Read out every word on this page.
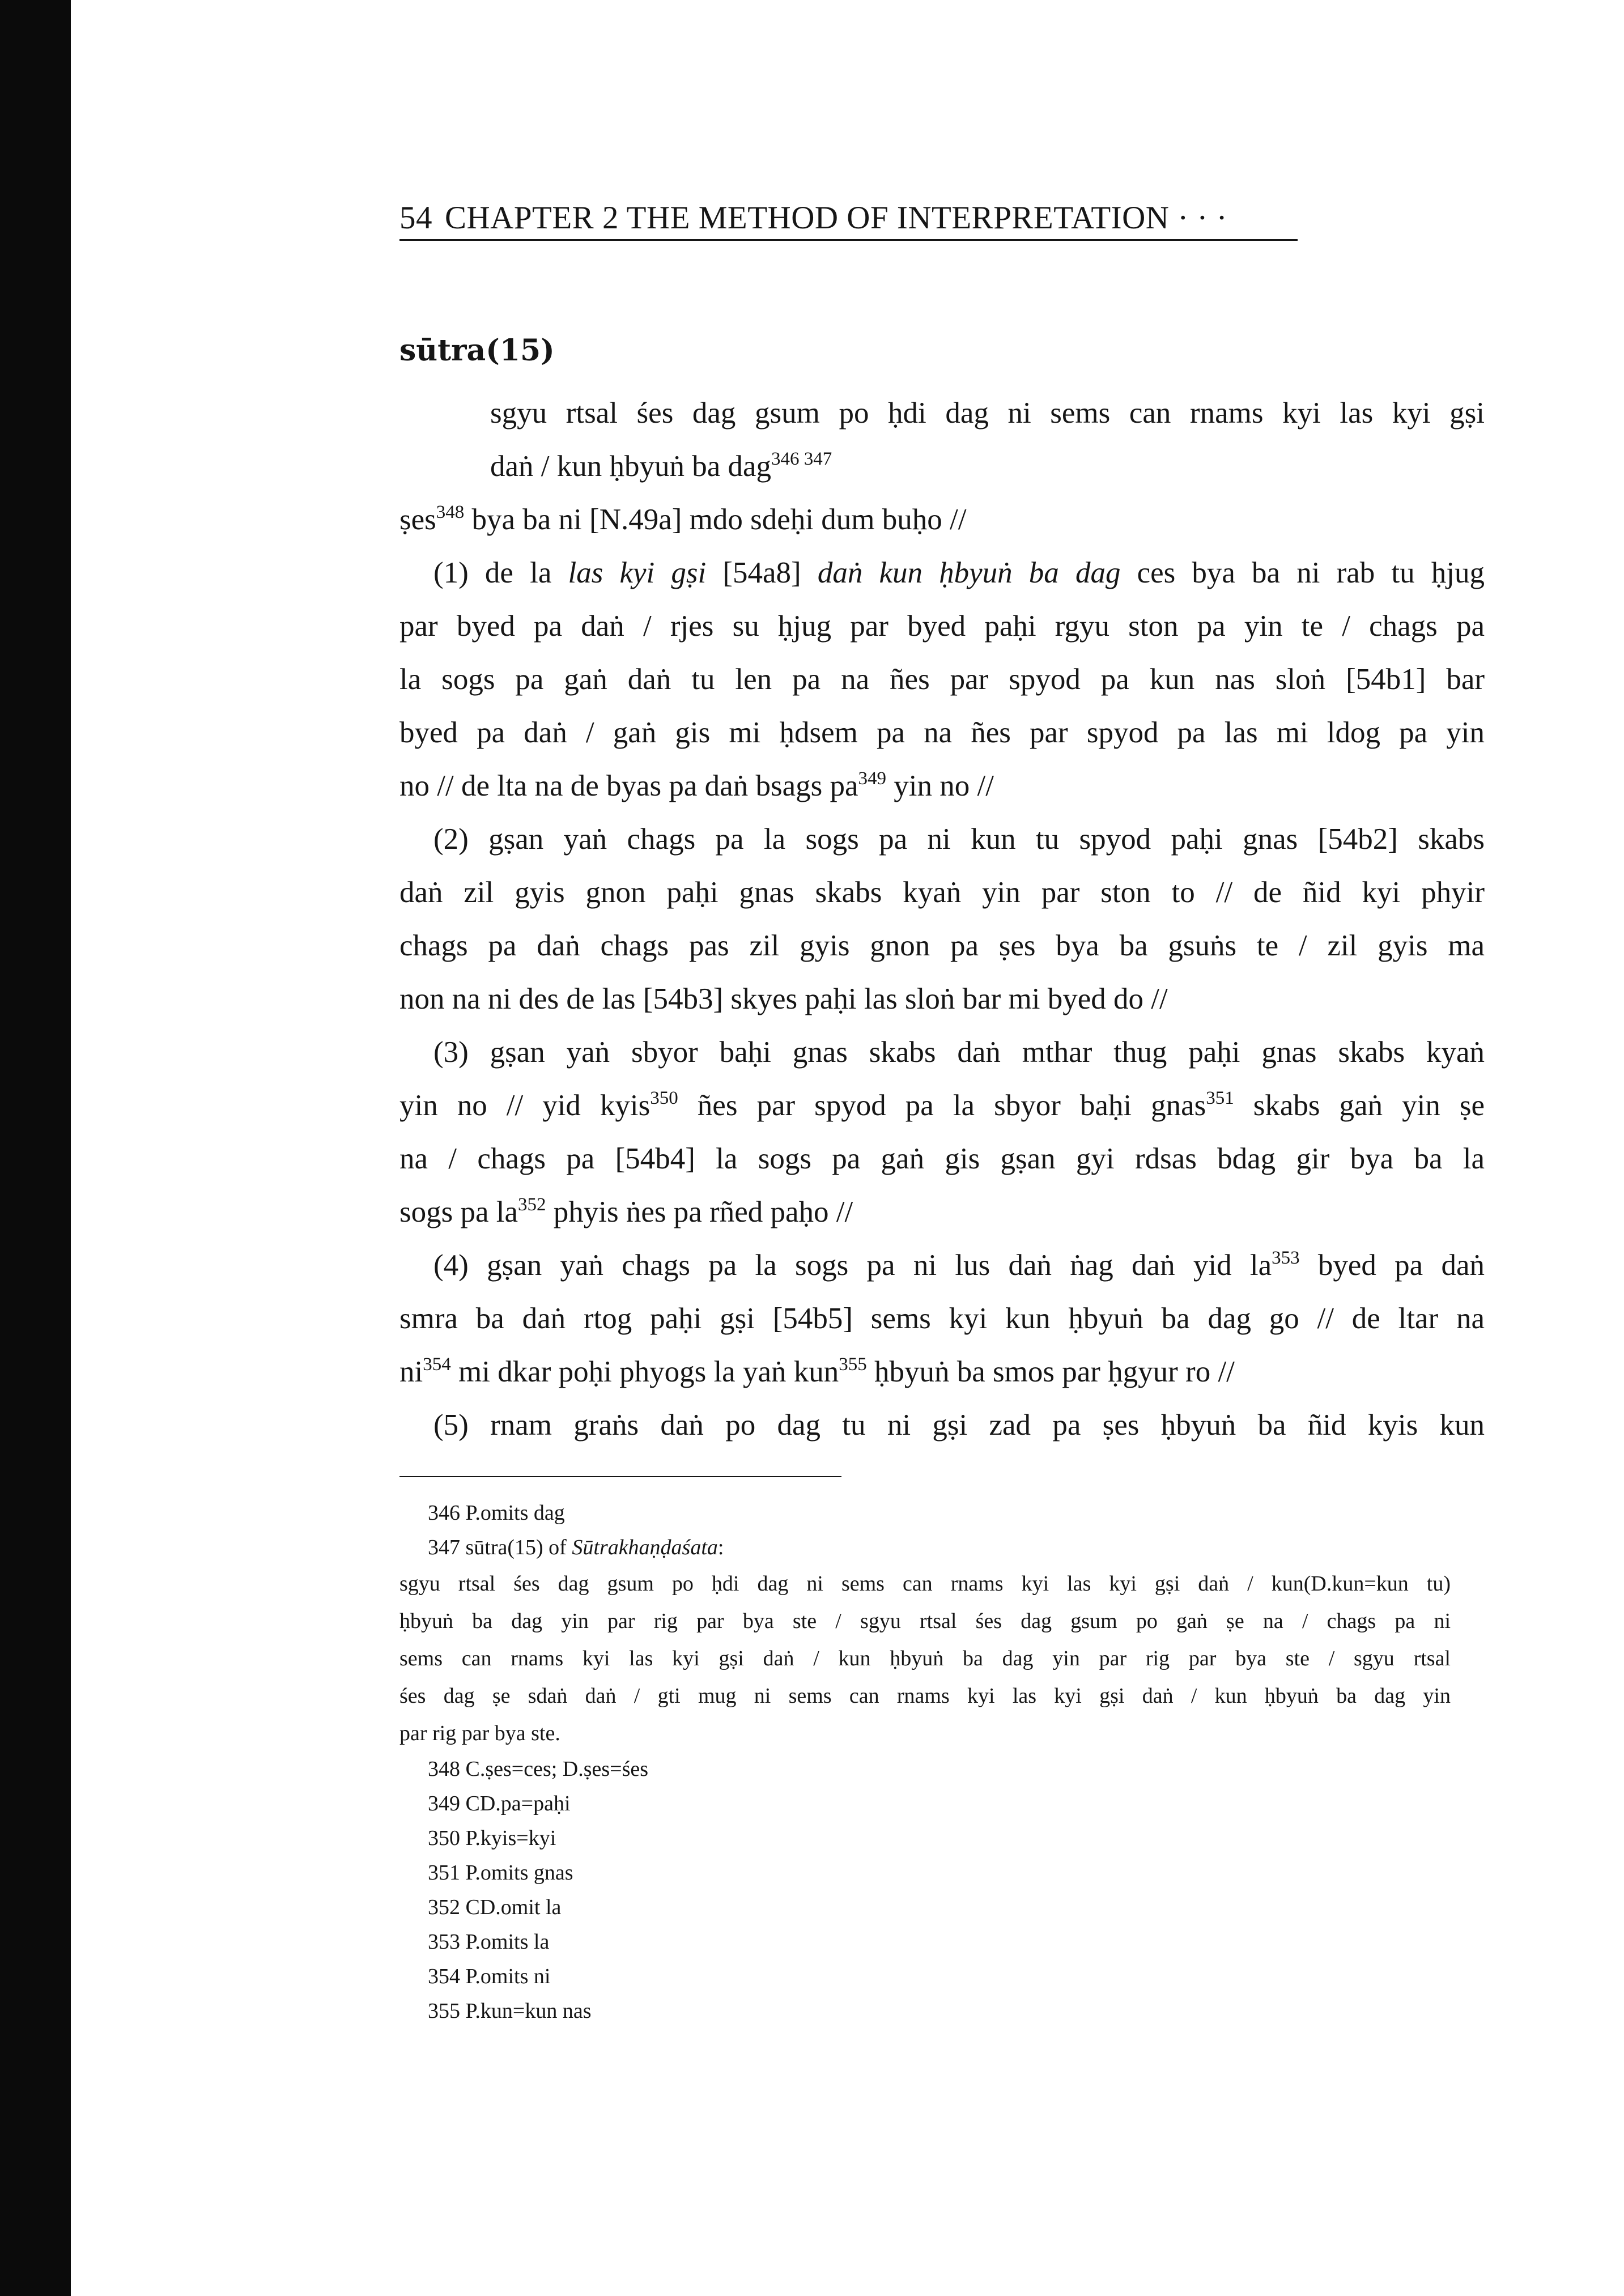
54 CHAPTER 2 THE METHOD OF INTERPRETATION · · ·
sūtra(15)

sgyu rtsal śes dag gsum po ḥdi dag ni sems can rnams kyi las kyi gṣi

daṅ / kun ḥbyuṅ ba dag$^{346}$ $^{347}$

ṣes$^{348}$ bya ba ni [N.49a] mdo sdeḥi dum buḥo //

(1) de la las kyi gṣi [54a8] daṅ kun ḥbyuṅ ba dag ces bya ba ni rab tu ḥjug

par byed pa daṅ / rjes su ḥjug par byed paḥi rgyu ston pa yin te / chags pa

la sogs pa gaṅ daṅ tu len pa na ñes par spyod pa kun nas sloṅ [54b1] bar

byed pa daṅ / gaṅ gis mi ḥdsem pa na ñes par spyod pa las mi ldog pa yin

no // de lta na de byas pa daṅ bsags $pa^{349}$ yin no //

(2) gṣan yaṅ chags pa la sogs pa ni kun tu spyod paḥi gnas [54b2] skabs

daṅ zil gyis gnon paḥi gnas skabs kyaṅ yin par ston to // de ñid kyi phyir

chags pa daṅ chags pas zil gyis gnon pa ṣes bya ba gsuṅs te / zil gyis ma

non na ni des de las [54b3] skyes paḥi las sloṅ bar mi byed do //

(3) gṣan yaṅ sbyor baḥi gnas skabs daṅ mthar thug paḥi gnas skabs kyaṅ

yin no // yid kyis$^{350}$ ñes par spyod pa la sbyor baḥi gnas$^{351}$ skabs gaṅ yin ṣe

na / chags pa [54b4] la sogs pa gaṅ gis gṣan gyi rdsas bdag gir bya ba la

sogs pa $la^{352}$ phyis ṅes pa rñed paḥo //

(4) gṣan yaṅ chags pa la sogs pa ni lus daṅ ṅag daṅ yid $la^{353}$ byed pa daṅ

smra ba daṅ rtog paḥi gṣi [54b5] sems kyi kun ḥbyuṅ ba dag go // de ltar na

$ni^{354}$ mi dkar poḥi phyogs la yaṅ kun$^{355}$ ḥbyuṅ ba smos par ḥgyur ro //

(5) rnam graṅs daṅ po dag tu ni gṣi zad pa ṣes ḥbyuṅ ba ñid kyis kun

346 P.omits dag
347 sūtra(15) of Sūtrakhaṇḍaśata:
sgyu rtsal śes dag gsum po ḥdi dag ni sems can rnams kyi las kyi gṣi daṅ / kun(D.kun=kun tu)
ḥbyuṅ ba dag yin par rig par bya ste / sgyu rtsal śes dag gsum po gaṅ ṣe na / chags pa ni
sems can rnams kyi las kyi gṣi daṅ / kun ḥbyuṅ ba dag yin par rig par bya ste / sgyu rtsal
śes dag ṣe sdaṅ daṅ / gti mug ni sems can rnams kyi las kyi gṣi daṅ / kun ḥbyuṅ ba dag yin
par rig par bya ste.
348 C.ṣes=ces; D.ṣes=śes
349 CD.pa=paḥi
350 P.kyis=kyi
351 P.omits gnas
352 CD.omit la
353 P.omits la
354 P.omits ni
355 P.kun=kun nas
